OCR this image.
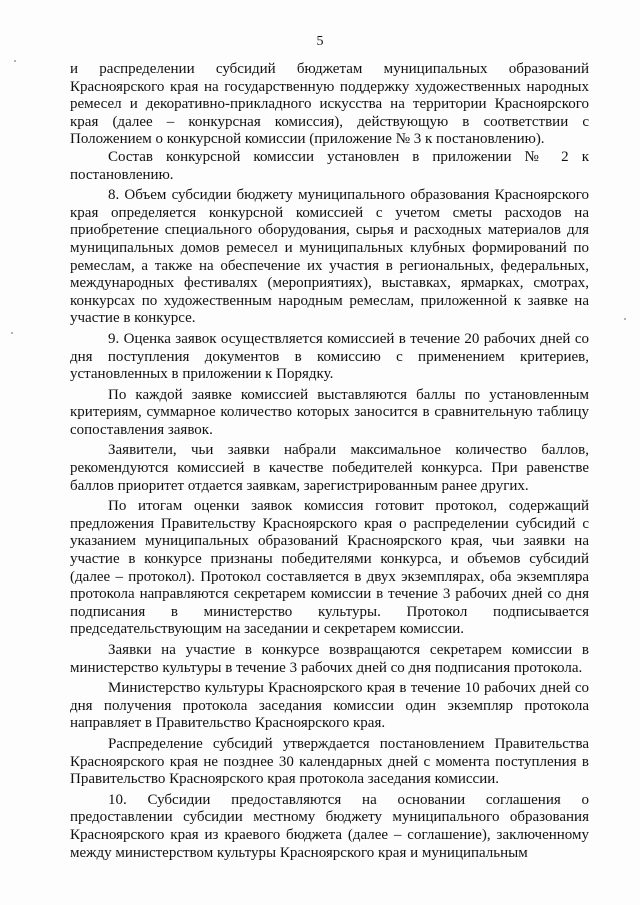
5

и распределении субсидий бюджетам муниципальных образований Красноярского края на государственную поддержку художественных народных ремесел и декоративно-прикладного искусства на территории Красноярского края (далее – конкурсная комиссия), действующую в соответствии с Положением о конкурсной комиссии (приложение № 3 к постановлению).

Состав конкурсной комиссии установлен в приложении № 2 к постановлению.

8. Объем субсидии бюджету муниципального образования Красноярского края определяется конкурсной комиссией с учетом сметы расходов на приобретение специального оборудования, сырья и расходных материалов для муниципальных домов ремесел и муниципальных клубных формирований по ремеслам, а также на обеспечение их участия в региональных, федеральных, международных фестивалях (мероприятиях), выставках, ярмарках, смотрах, конкурсах по художественным народным ремеслам, приложенной к заявке на участие в конкурсе.

9. Оценка заявок осуществляется комиссией в течение 20 рабочих дней со дня поступления документов в комиссию с применением критериев, установленных в приложении к Порядку.

По каждой заявке комиссией выставляются баллы по установленным критериям, суммарное количество которых заносится в сравнительную таблицу сопоставления заявок.

Заявители, чьи заявки набрали максимальное количество баллов, рекомендуются комиссией в качестве победителей конкурса. При равенстве баллов приоритет отдается заявкам, зарегистрированным ранее других.

По итогам оценки заявок комиссия готовит протокол, содержащий предложения Правительству Красноярского края о распределении субсидий с указанием муниципальных образований Красноярского края, чьи заявки на участие в конкурсе признаны победителями конкурса, и объемов субсидий (далее – протокол). Протокол составляется в двух экземплярах, оба экземпляра протокола направляются секретарем комиссии в течение 3 рабочих дней со дня подписания в министерство культуры. Протокол подписывается председательствующим на заседании и секретарем комиссии.

Заявки на участие в конкурсе возвращаются секретарем комиссии в министерство культуры в течение 3 рабочих дней со дня подписания протокола.

Министерство культуры Красноярского края в течение 10 рабочих дней со дня получения протокола заседания комиссии один экземпляр протокола направляет в Правительство Красноярского края.

Распределение субсидий утверждается постановлением Правительства Красноярского края не позднее 30 календарных дней с момента поступления в Правительство Красноярского края протокола заседания комиссии.

10. Субсидии предоставляются на основании соглашения о предоставлении субсидии местному бюджету муниципального образования Красноярского края из краевого бюджета (далее – соглашение), заключенному между министерством культуры Красноярского края и муниципальным
